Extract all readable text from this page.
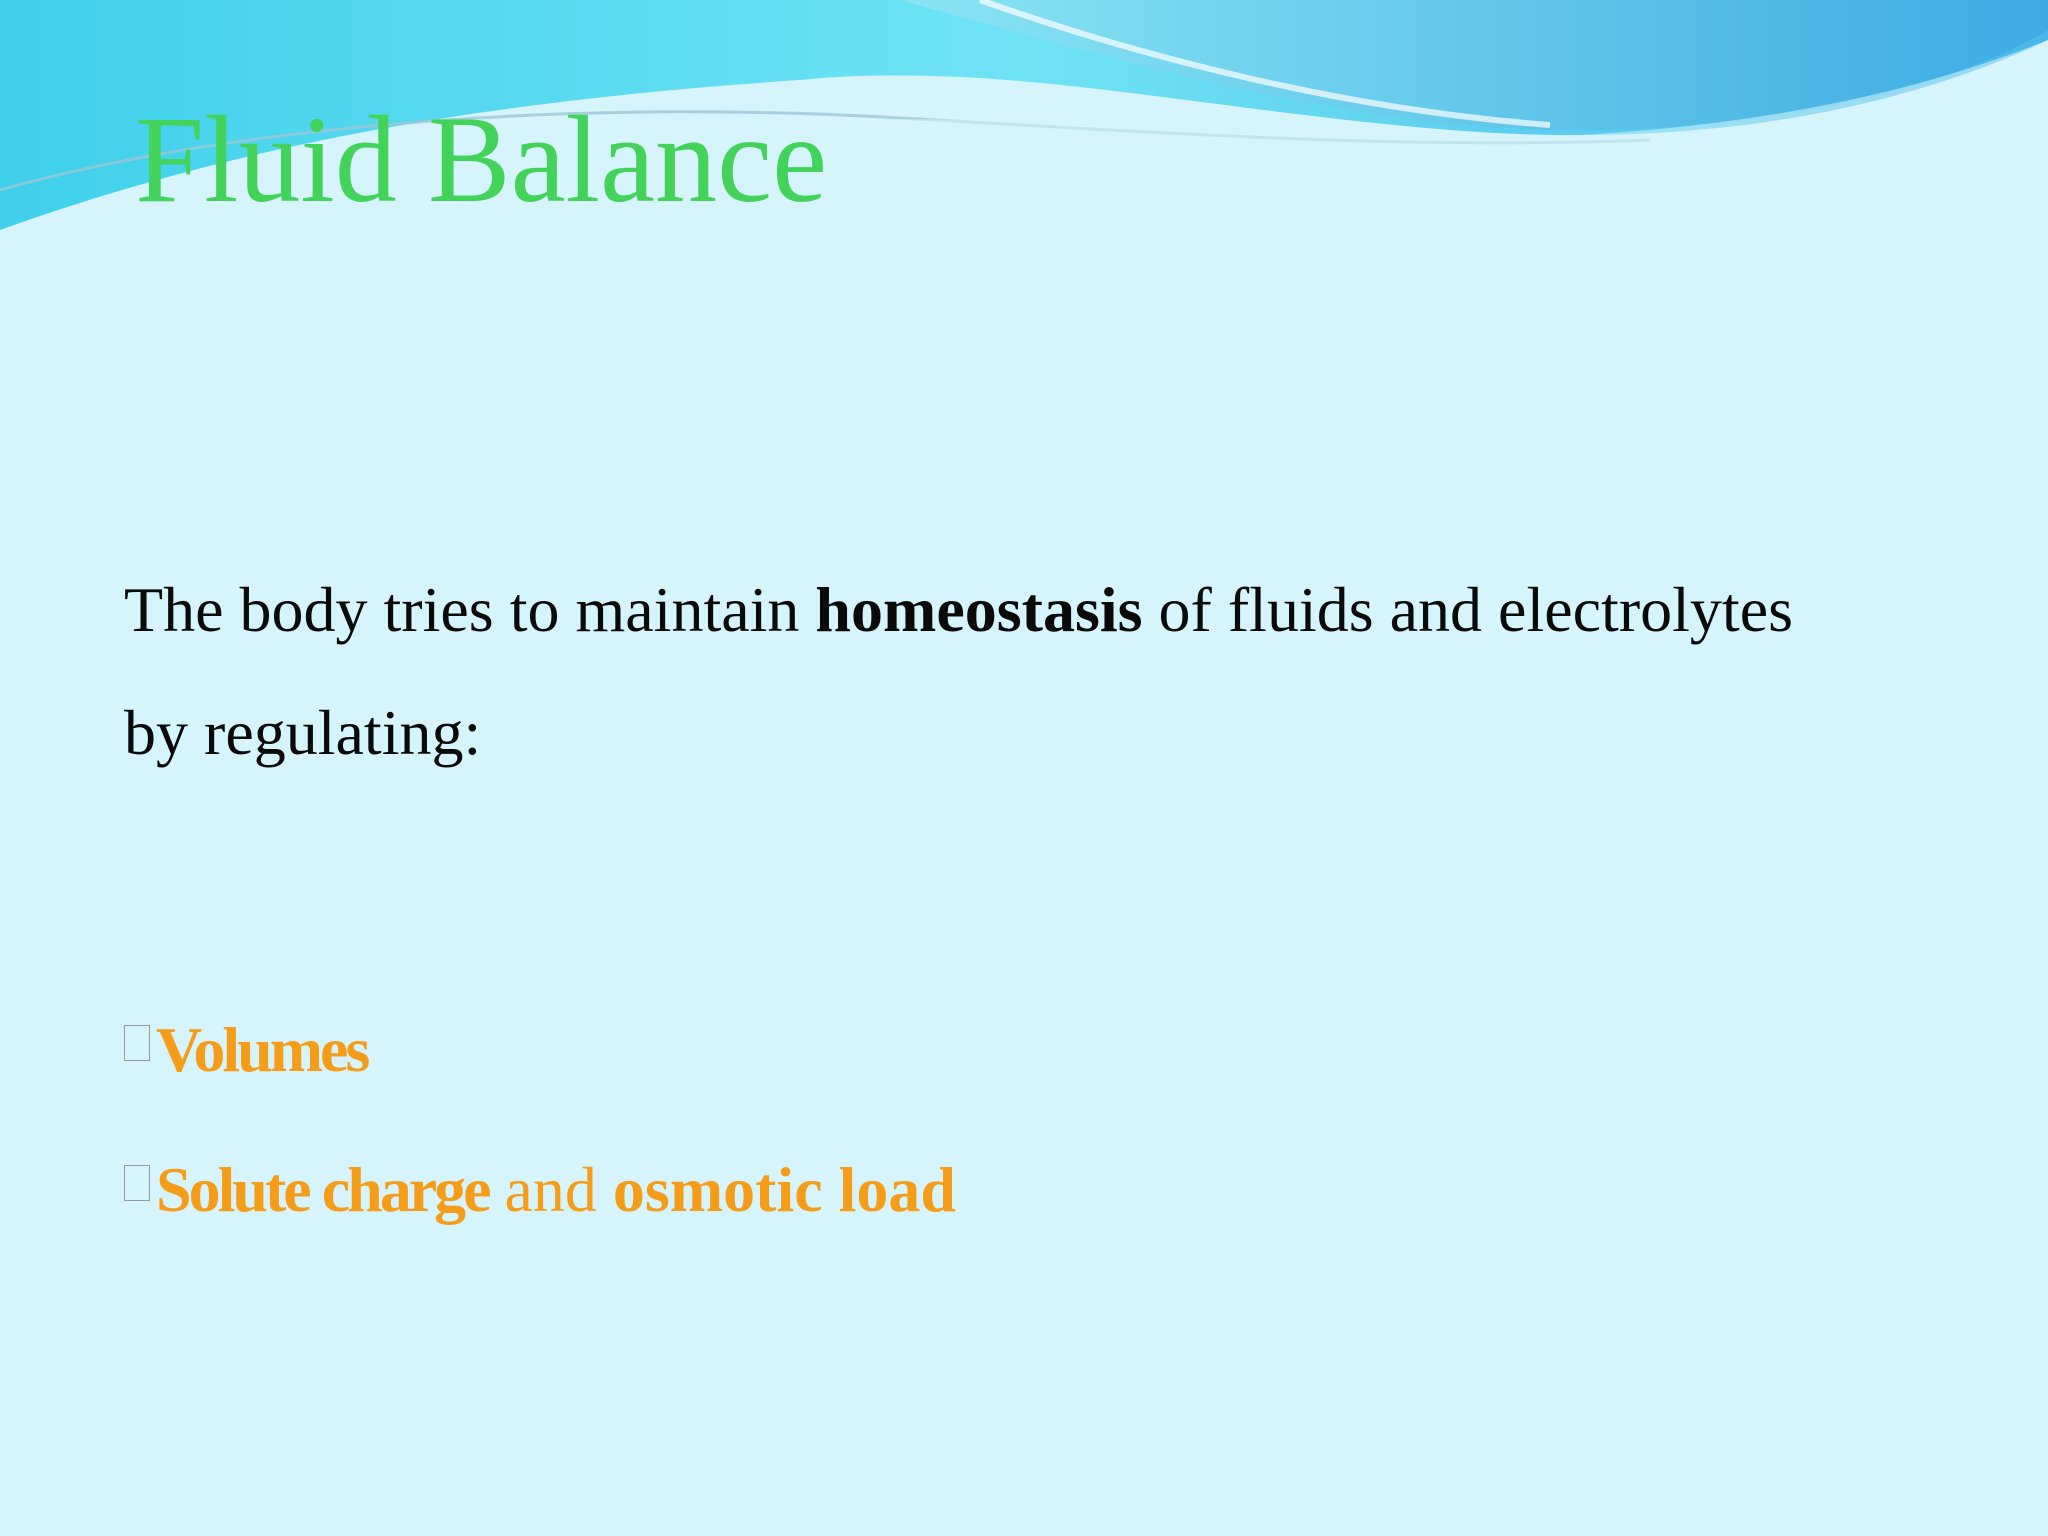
Fluid Balance
The body tries to maintain homeostasis of fluids and electrolytes by regulating:
Volumes
Solute charge and osmotic load
